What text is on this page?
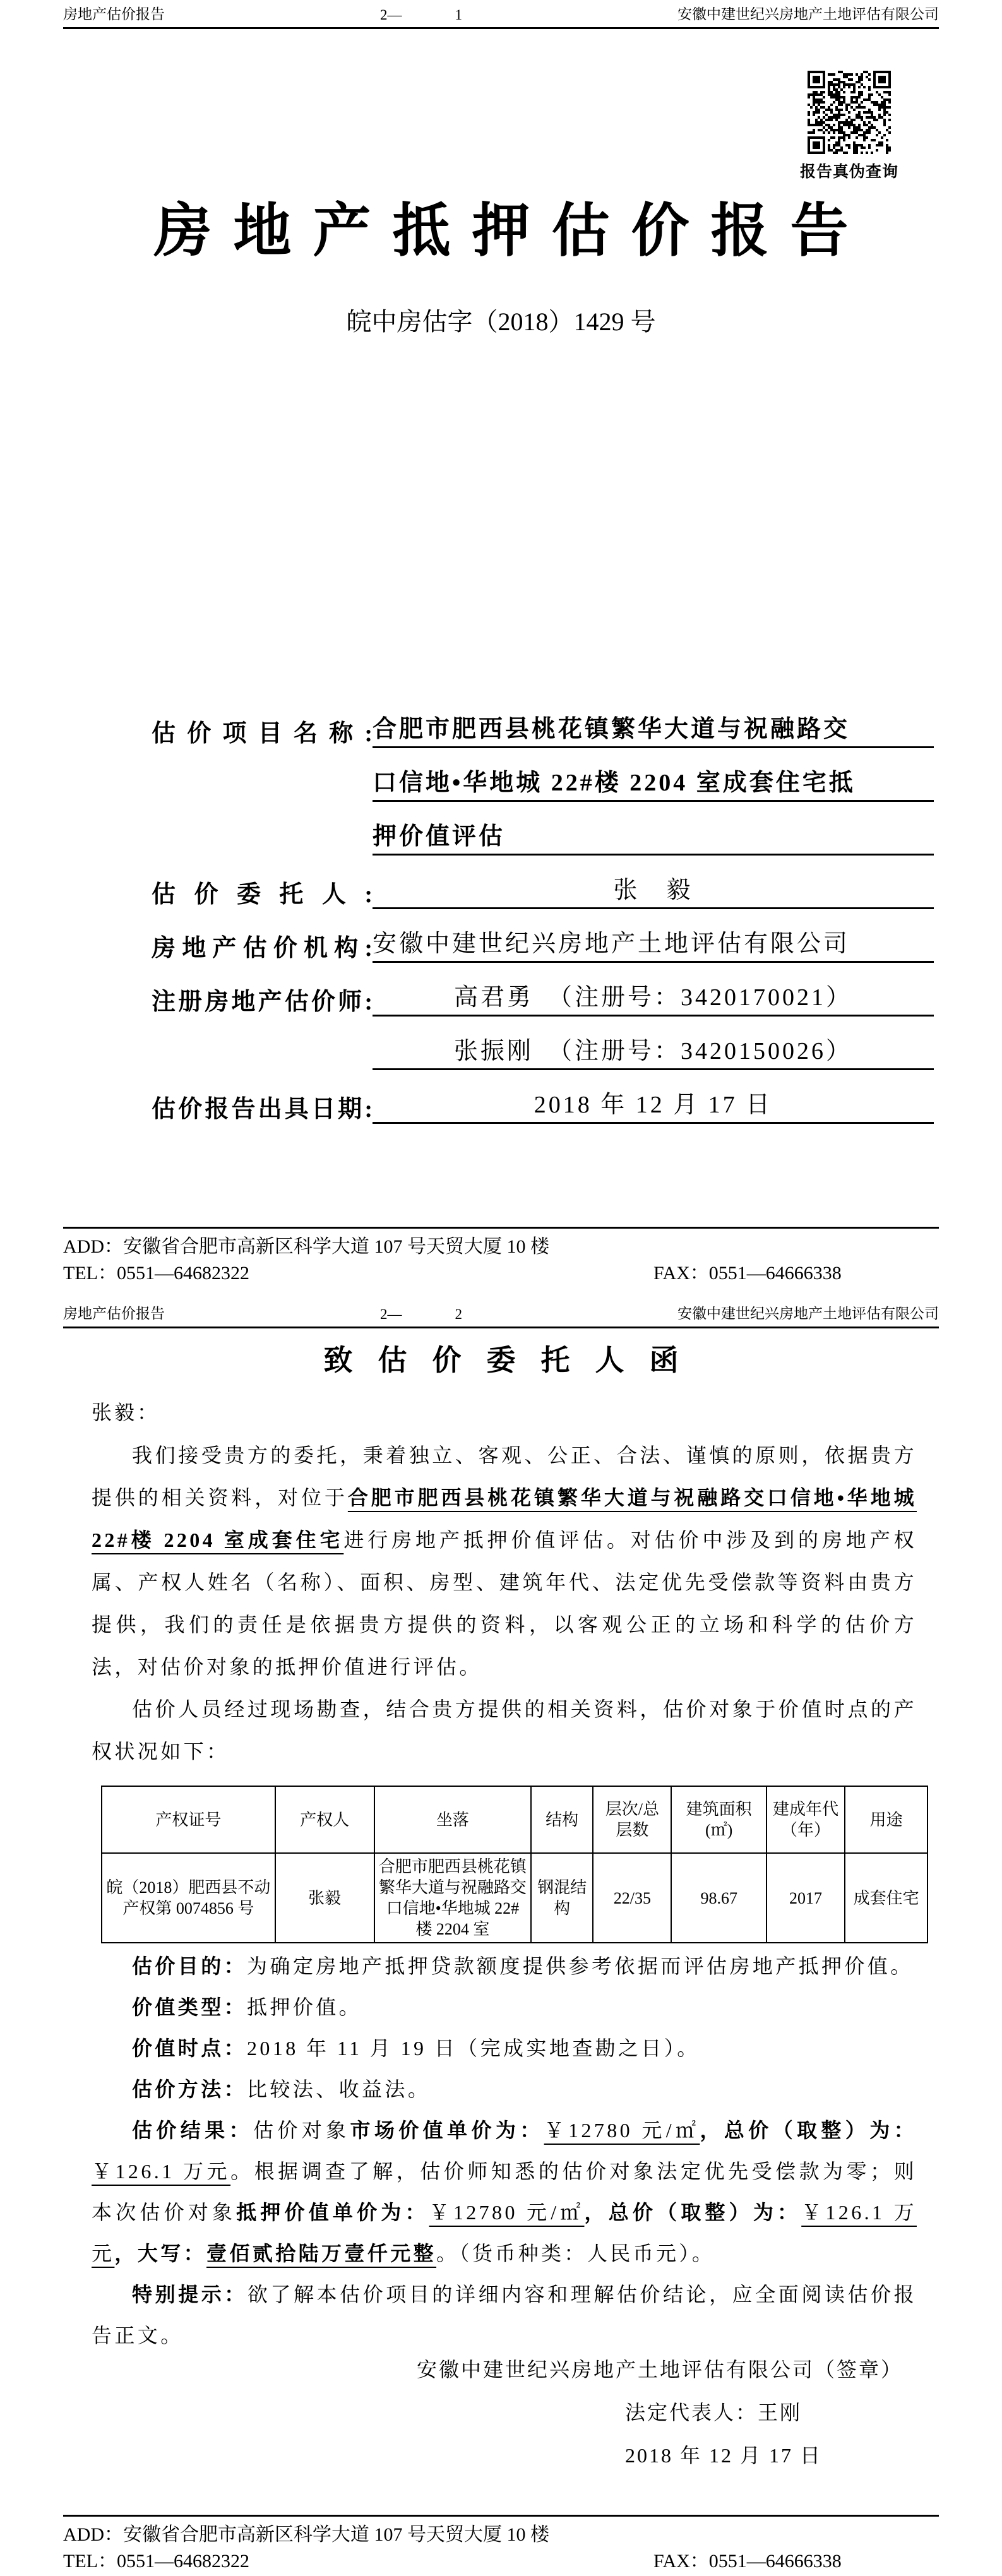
房地产估价报告	2—	1	安徽中建世纪兴房地产土地评估有限公司
报告真伪查询
房地产抵押估价报告
皖中房估字（2018）1429 号
估价项目名称: 合肥市肥西县桃花镇繁华大道与祝融路交
口信地•华地城 22#楼 2204 室成套住宅抵
押价值评估
估价委托人:	张　毅
房地产估价机构: 安徽中建世纪兴房地产土地评估有限公司
注册房地产估价师:	高君勇　（注册号：3420170021）
张振刚　（注册号：3420150026）
估价报告出具日期:	2018 年 12 月 17 日
ADD：安徽省合肥市高新区科学大道 107 号天贸大厦 10 楼
TEL：0551—64682322	FAX：0551—64666338
房地产估价报告	2—	2	安徽中建世纪兴房地产土地评估有限公司
致估价委托人函
张毅：

我们接受贵方的委托，秉着独立、客观、公正、合法、谨慎的原则，依据贵方提供的相关资料，对位于合肥市肥西县桃花镇繁华大道与祝融路交口信地•华地城 22#楼 2204 室成套住宅进行房地产抵押价值评估。对估价中涉及到的房地产权属、产权人姓名（名称）、面积、房型、建筑年代、法定优先受偿款等资料由贵方提供，我们的责任是依据贵方提供的资料，以客观公正的立场和科学的估价方法，对估价对象的抵押价值进行评估。

估价人员经过现场勘查，结合贵方提供的相关资料，估价对象于价值时点的产权状况如下：

产权证号	产权人	坐落	结构	层次/总层数	建筑面积(㎡)	建成年代（年）	用途
皖（2018）肥西县不动产权第 0074856 号	张毅	合肥市肥西县桃花镇繁华大道与祝融路交口信地•华地城 22#楼 2204 室	钢混结构	22/35	98.67	2017	成套住宅

估价目的：为确定房地产抵押贷款额度提供参考依据而评估房地产抵押价值。

价值类型：抵押价值。

价值时点：2018 年 11 月 19 日（完成实地查勘之日）。

估价方法：比较法、收益法。

估价结果：估价对象市场价值单价为：￥12780 元/㎡，总价（取整）为：￥126.1 万元。根据调查了解，估价师知悉的估价对象法定优先受偿款为零；则本次估价对象抵押价值单价为：￥12780 元/㎡，总价（取整）为：￥126.1 万元，大写：壹佰贰拾陆万壹仟元整。（货币种类：人民币元）。

特别提示：欲了解本估价项目的详细内容和理解估价结论，应全面阅读估价报告正文。

安徽中建世纪兴房地产土地评估有限公司（签章）
法定代表人：王刚
2018 年 12 月 17 日
ADD：安徽省合肥市高新区科学大道 107 号天贸大厦 10 楼
TEL：0551—64682322	FAX：0551—64666338
